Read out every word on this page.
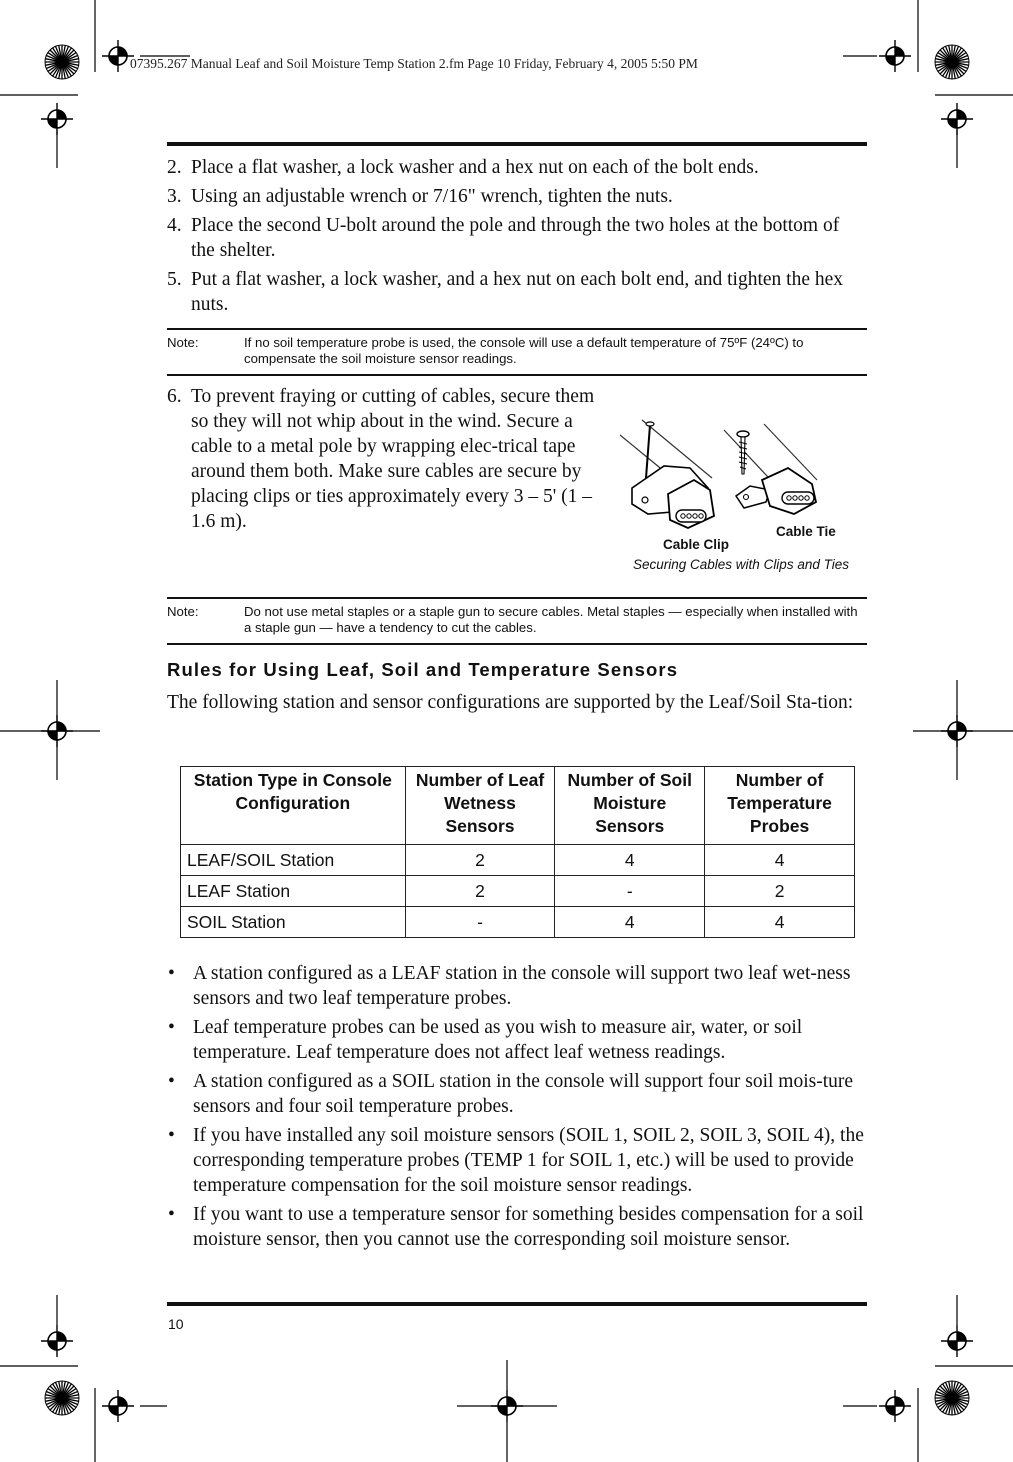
07395.267 Manual Leaf and Soil Moisture Temp Station 2.fm Page 10 Friday, February 4, 2005 5:50 PM
2. Place a flat washer, a lock washer and a hex nut on each of the bolt ends.
3. Using an adjustable wrench or 7/16" wrench, tighten the nuts.
4. Place the second U-bolt around the pole and through the two holes at the bottom of the shelter.
5. Put a flat washer, a lock washer, and a hex nut on each bolt end, and tighten the hex nuts.
Note:	If no soil temperature probe is used, the console will use a default temperature of 75ºF (24ºC) to compensate the soil moisture sensor readings.
6. To prevent fraying or cutting of cables, secure them so they will not whip about in the wind. Secure a cable to a metal pole by wrapping elec-trical tape around them both. Make sure cables are secure by placing clips or ties approximately every 3 – 5' (1 – 1.6 m).
Cable Clip
Cable Tie
Securing Cables with Clips and Ties
Note:	Do not use metal staples or a staple gun to secure cables. Metal staples — especially when installed with a staple gun — have a tendency to cut the cables.
Rules for Using Leaf, Soil and Temperature Sensors

The following station and sensor configurations are supported by the Leaf/Soil Sta-tion:

Station Type in Console Configuration	Number of Leaf Wetness Sensors	Number of Soil Moisture Sensors	Number of Temperature Probes
LEAF/SOIL Station	2	4	4
LEAF Station	2	-	2
SOIL Station	-	4	4
• A station configured as a LEAF station in the console will support two leaf wet-ness sensors and two leaf temperature probes.
• Leaf temperature probes can be used as you wish to measure air, water, or soil temperature. Leaf temperature does not affect leaf wetness readings.
• A station configured as a SOIL station in the console will support four soil mois-ture sensors and four soil temperature probes.
• If you have installed any soil moisture sensors (SOIL 1, SOIL 2, SOIL 3, SOIL 4), the corresponding temperature probes (TEMP 1 for SOIL 1, etc.) will be used to provide temperature compensation for the soil moisture sensor readings.
• If you want to use a temperature sensor for something besides compensation for a soil moisture sensor, then you cannot use the corresponding soil moisture sensor.
10
